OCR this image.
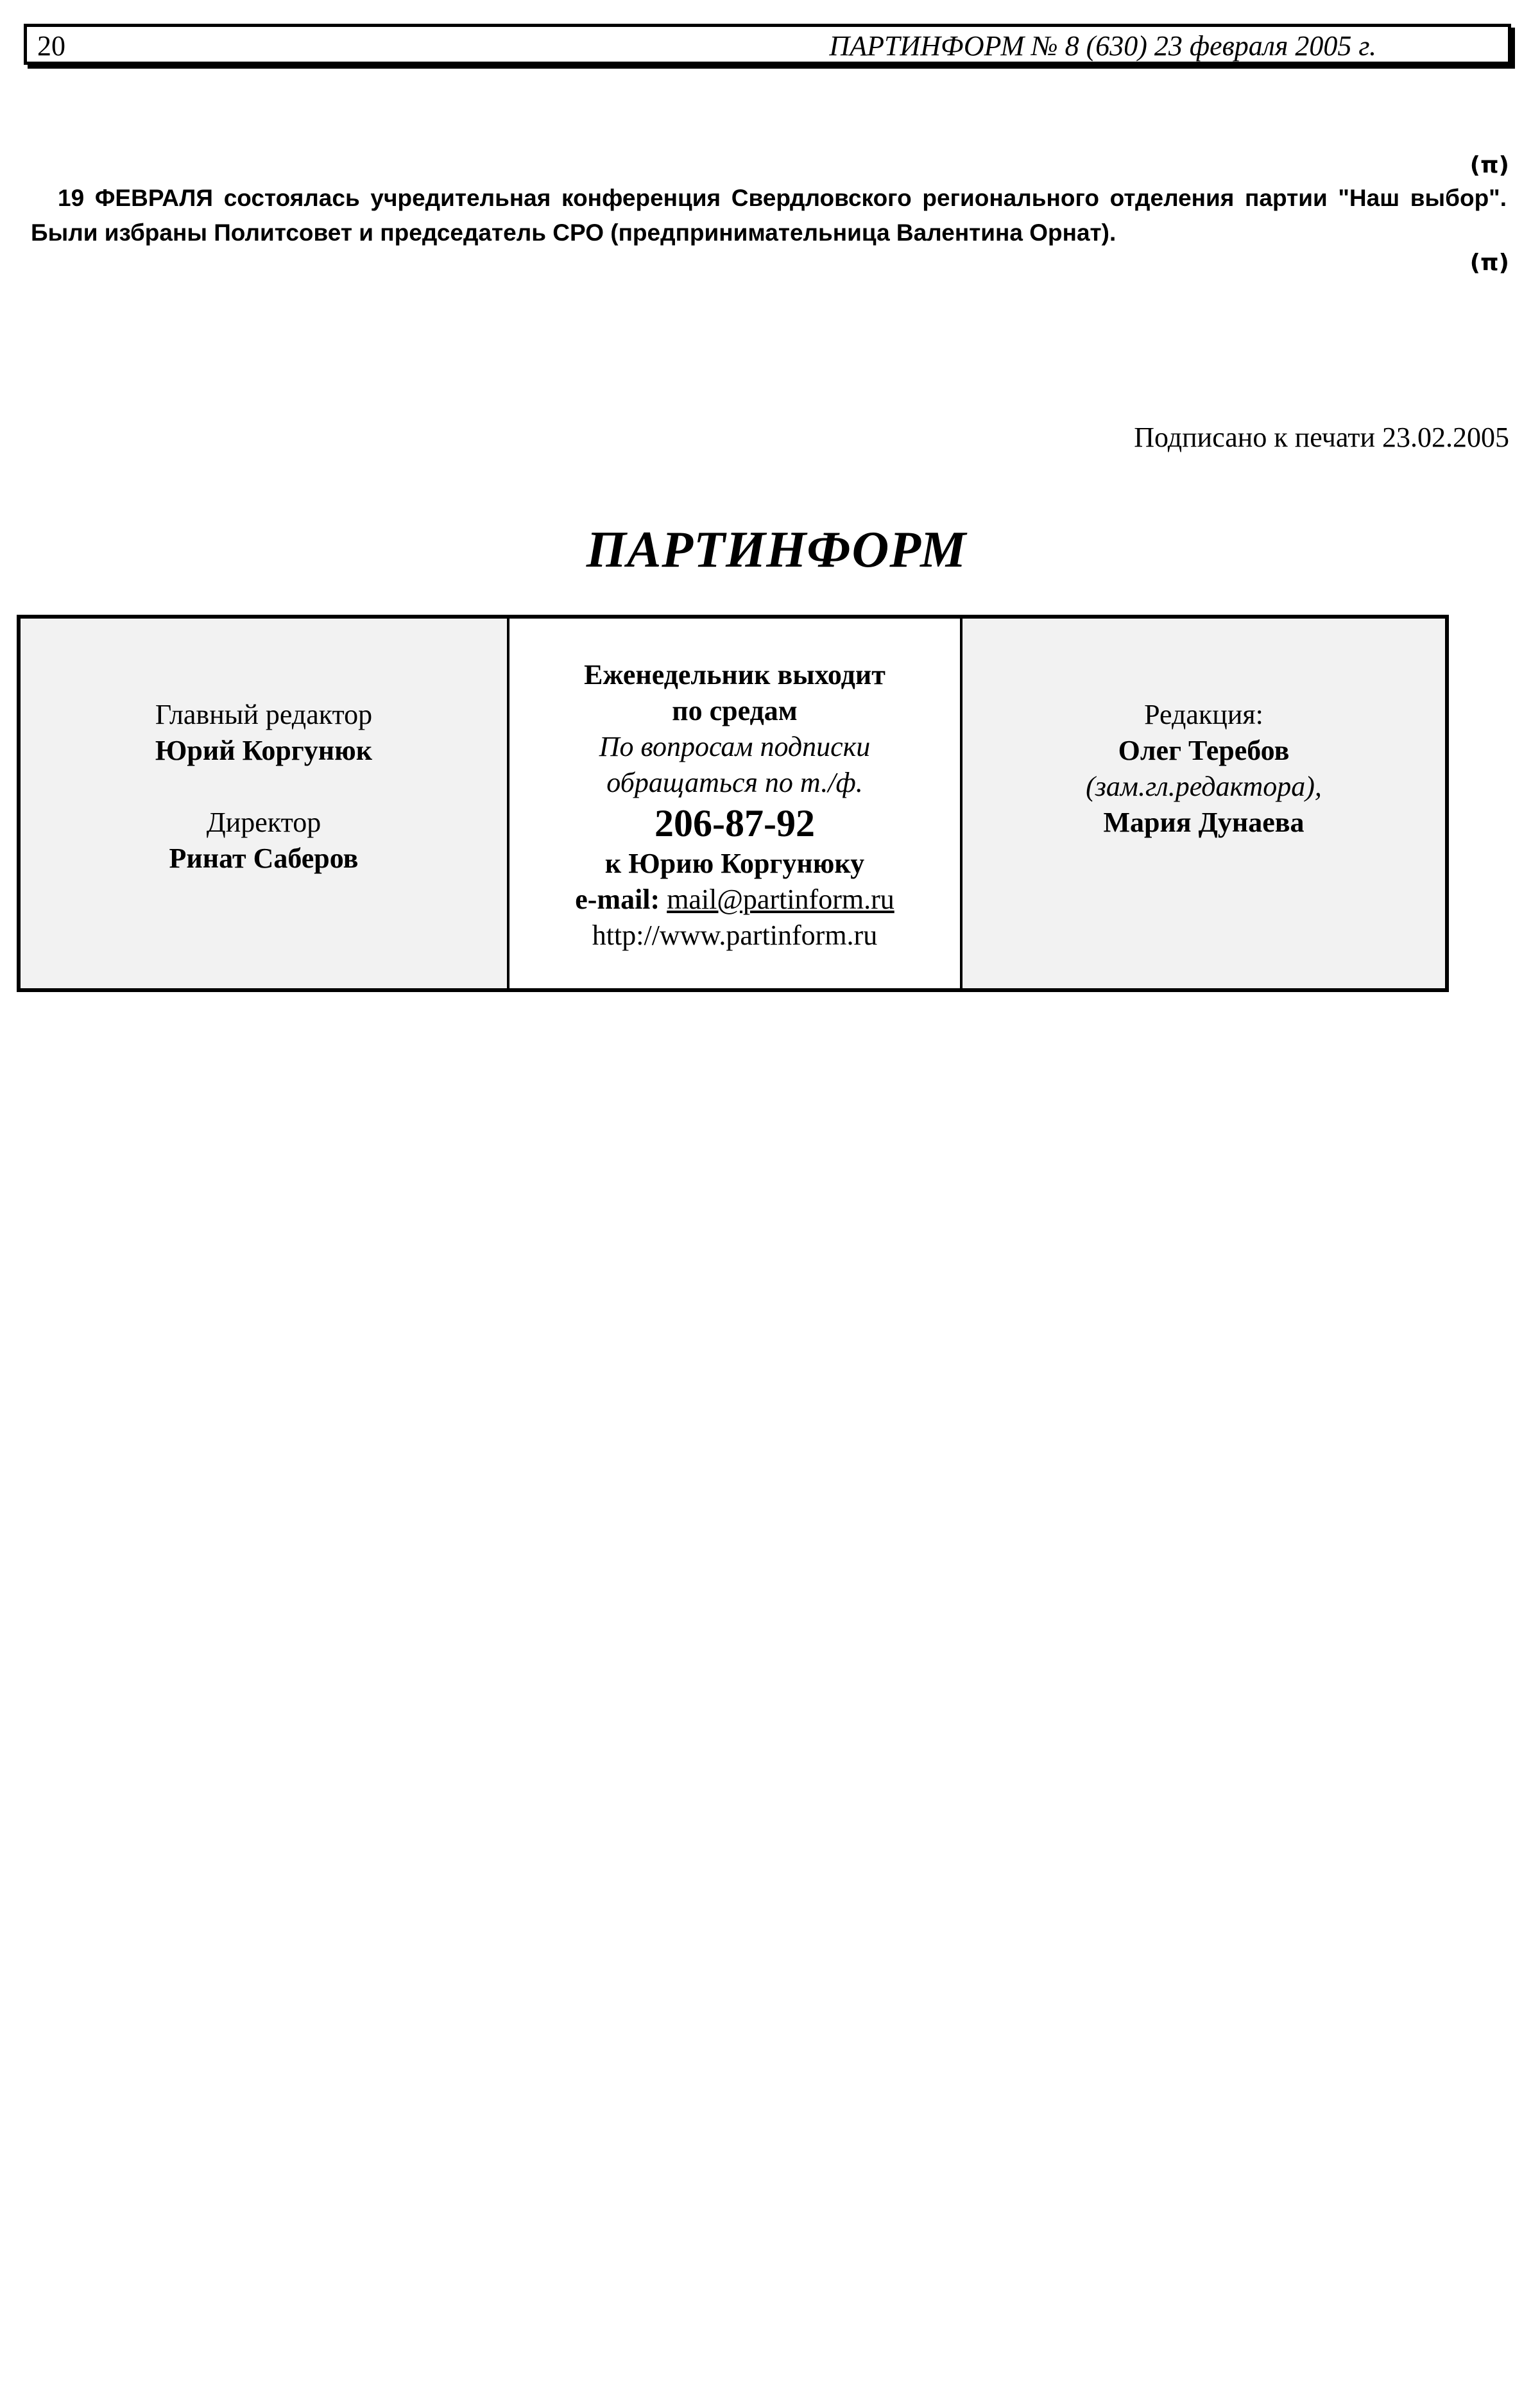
20	ПАРТИНФОРМ № 8 (630) 23 февраля 2005 г.
(π)
19 ФЕВРАЛЯ состоялась учредительная конференция Свердловского регионального отделения партии "Наш выбор". Были избраны Политсовет и председатель СРО (предпринимательница Валентина Орнат).
(π)
Подписано к печати 23.02.2005
ПАРТИНФОРМ
Главный редактор
Юрий Коргунюк
Директор
Ринат Саберов
Еженедельник выходит
по средам
По вопросам подписки
обращаться по т./ф.
206-87-92
к Юрию Коргунюку
e-mail: mail@partinform.ru
http://www.partinform.ru
Редакция:
Олег Теребов
(зам.гл.редактора),
Мария Дунаева
